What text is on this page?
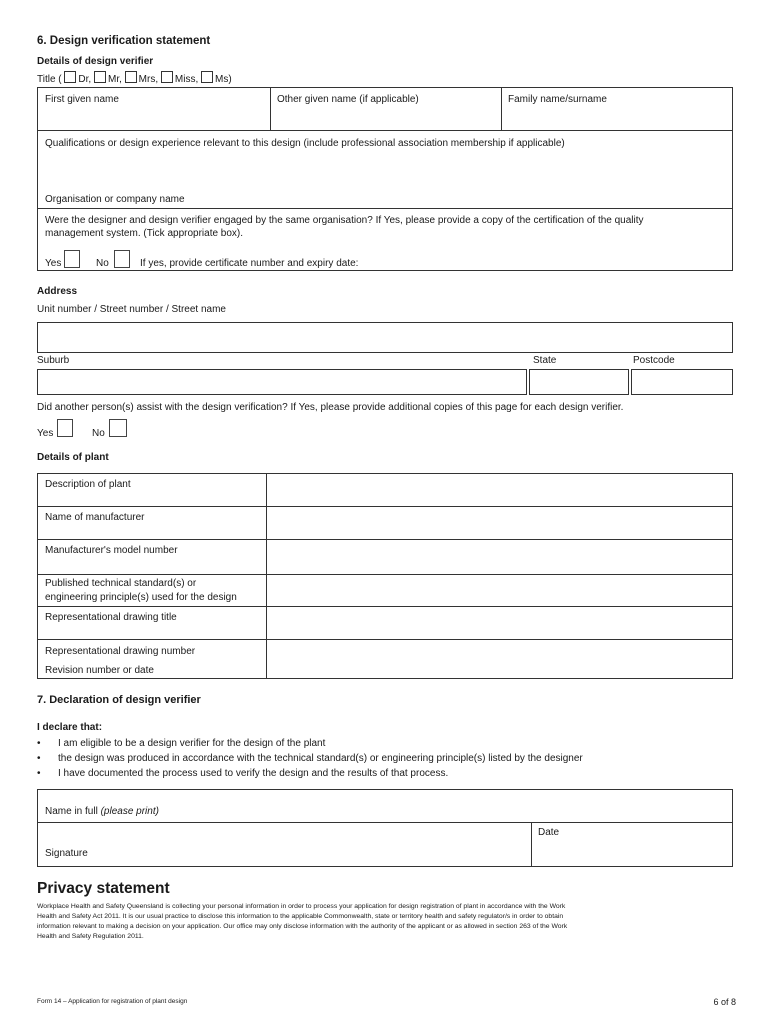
6. Design verification statement
Details of design verifier
Title ( Dr, Mr, Mrs, Miss, Ms)
First given name	Other given name (if applicable)	Family name/surname
Qualifications or design experience relevant to this design (include professional association membership if applicable)
Organisation or company name
Were the designer and design verifier engaged by the same organisation? If Yes, please provide a copy of the certification of the quality
management system. (Tick appropriate box).
Yes	No	If yes, provide certificate number and expiry date:
Address
Unit number / Street number / Street name
Suburb	State	Postcode
Did another person(s) assist with the design verification? If Yes, please provide additional copies of this page for each design verifier.
Yes	No
Details of plant
Description of plant
Name of manufacturer
Manufacturer's model number
Published technical standard(s) or
engineering principle(s) used for the design
Representational drawing title
Representational drawing number
Revision number or date
7. Declaration of design verifier
I declare that:
• I am eligible to be a design verifier for the design of the plant
• the design was produced in accordance with the technical standard(s) or engineering principle(s) listed by the designer
• I have documented the process used to verify the design and the results of that process.
Name in full (please print)
Date
Signature
Privacy statement
Workplace Health and Safety Queensland is collecting your personal information in order to process your application for design registration of plant in accordance with the Work
Health and Safety Act 2011. It is our usual practice to disclose this information to the applicable Commonwealth, state or territory health and safety regulator/s in order to obtain
information relevant to making a decision on your application. Our office may only disclose information with the authority of the applicant or as allowed in section 263 of the Work
Health and Safety Regulation 2011.
Form 14 – Application for registration of plant design	6 of 8
